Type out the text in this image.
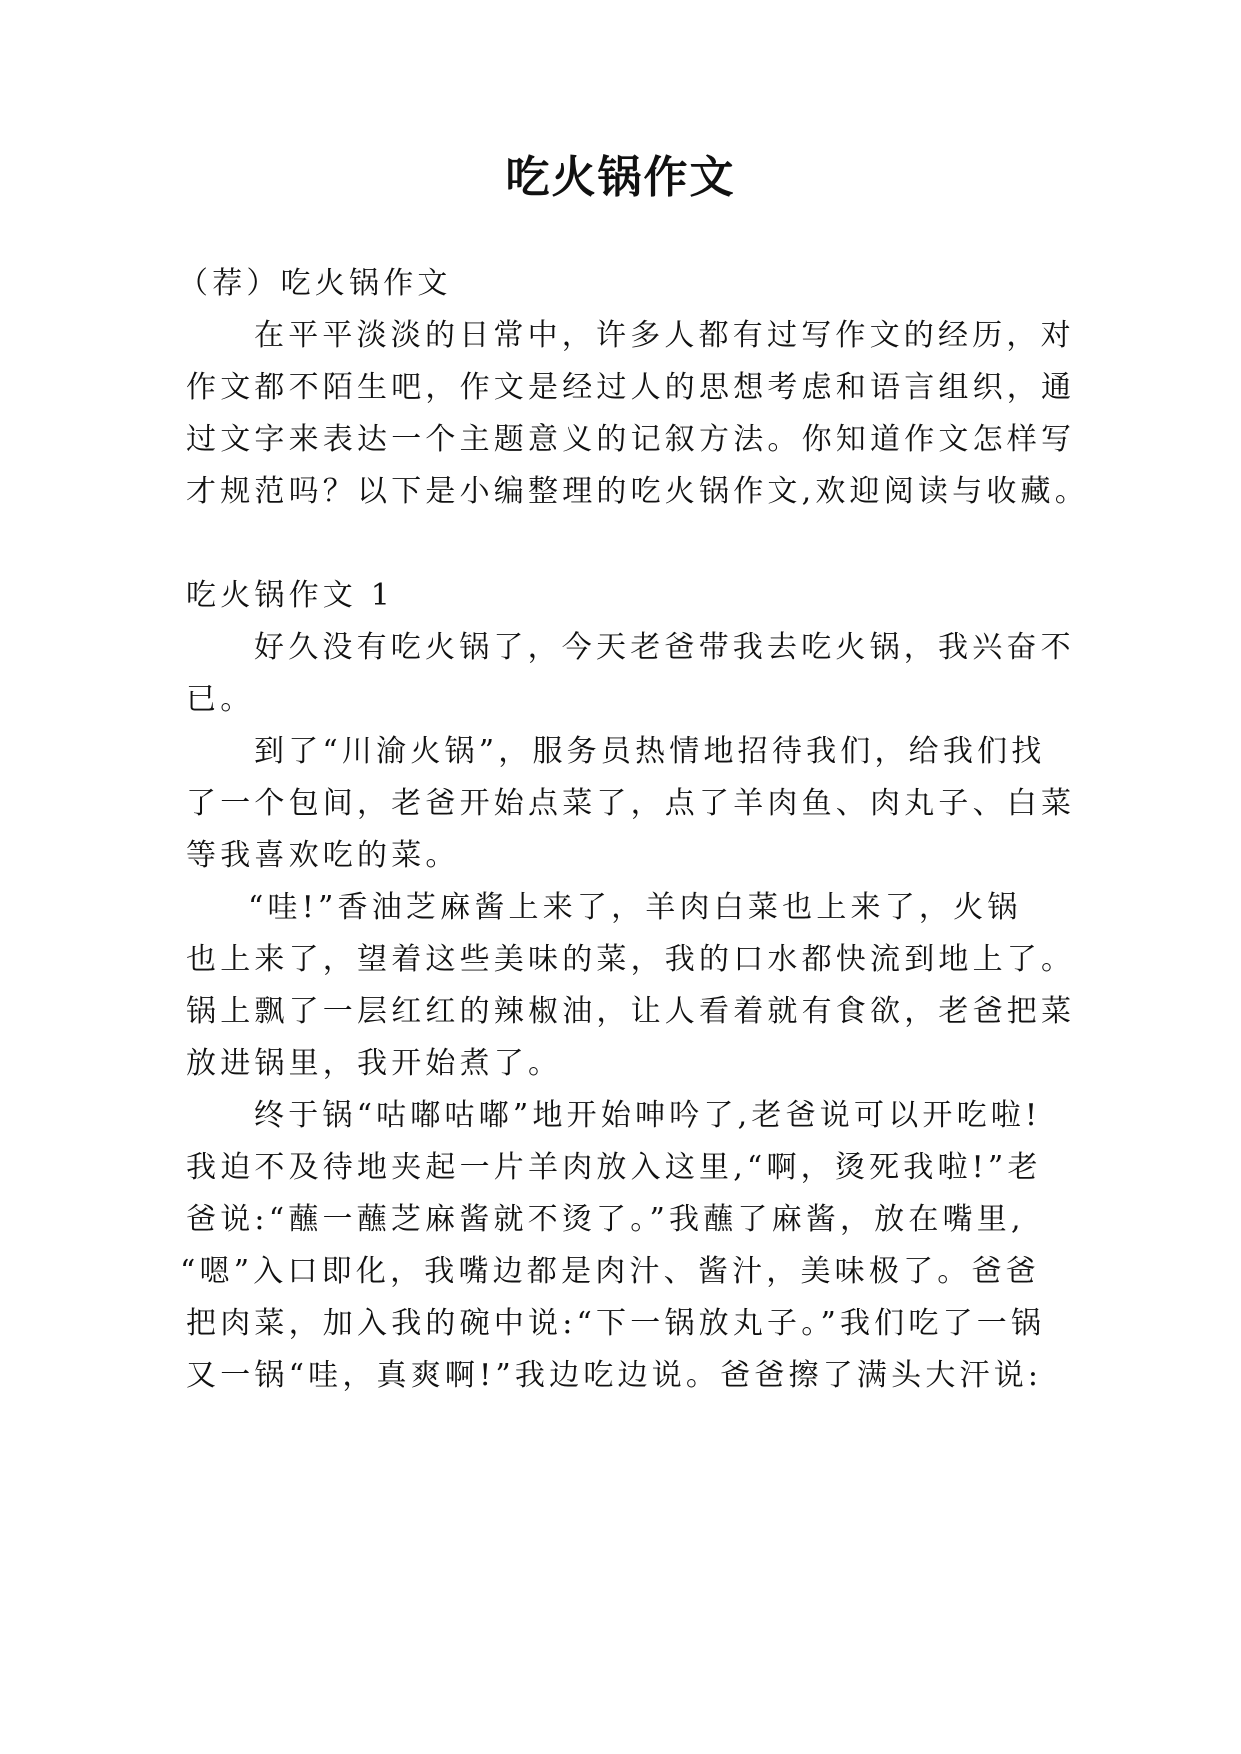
吃火锅作文
（荐）吃火锅作文
在平平淡淡的日常中，许多人都有过写作文的经历，对
作文都不陌生吧，作文是经过人的思想考虑和语言组织，通
过文字来表达一个主题意义的记叙方法。你知道作文怎样写
才规范吗？以下是小编整理的吃火锅作文,欢迎阅读与收藏。
吃火锅作文 1
好久没有吃火锅了，今天老爸带我去吃火锅，我兴奋不
已。
到了“川渝火锅”，服务员热情地招待我们，给我们找
了一个包间，老爸开始点菜了，点了羊肉鱼、肉丸子、白菜
等我喜欢吃的菜。
“哇!”香油芝麻酱上来了，羊肉白菜也上来了，火锅
也上来了，望着这些美味的菜，我的口水都快流到地上了。
锅上飘了一层红红的辣椒油，让人看着就有食欲，老爸把菜
放进锅里，我开始煮了。
终于锅“咕嘟咕嘟”地开始呻吟了,老爸说可以开吃啦!
我迫不及待地夹起一片羊肉放入这里,“啊，烫死我啦!”老
爸说:“蘸一蘸芝麻酱就不烫了。”我蘸了麻酱，放在嘴里,
“嗯”入口即化，我嘴边都是肉汁、酱汁，美味极了。爸爸
把肉菜，加入我的碗中说:“下一锅放丸子。”我们吃了一锅
又一锅“哇，真爽啊!”我边吃边说。爸爸擦了满头大汗说:
